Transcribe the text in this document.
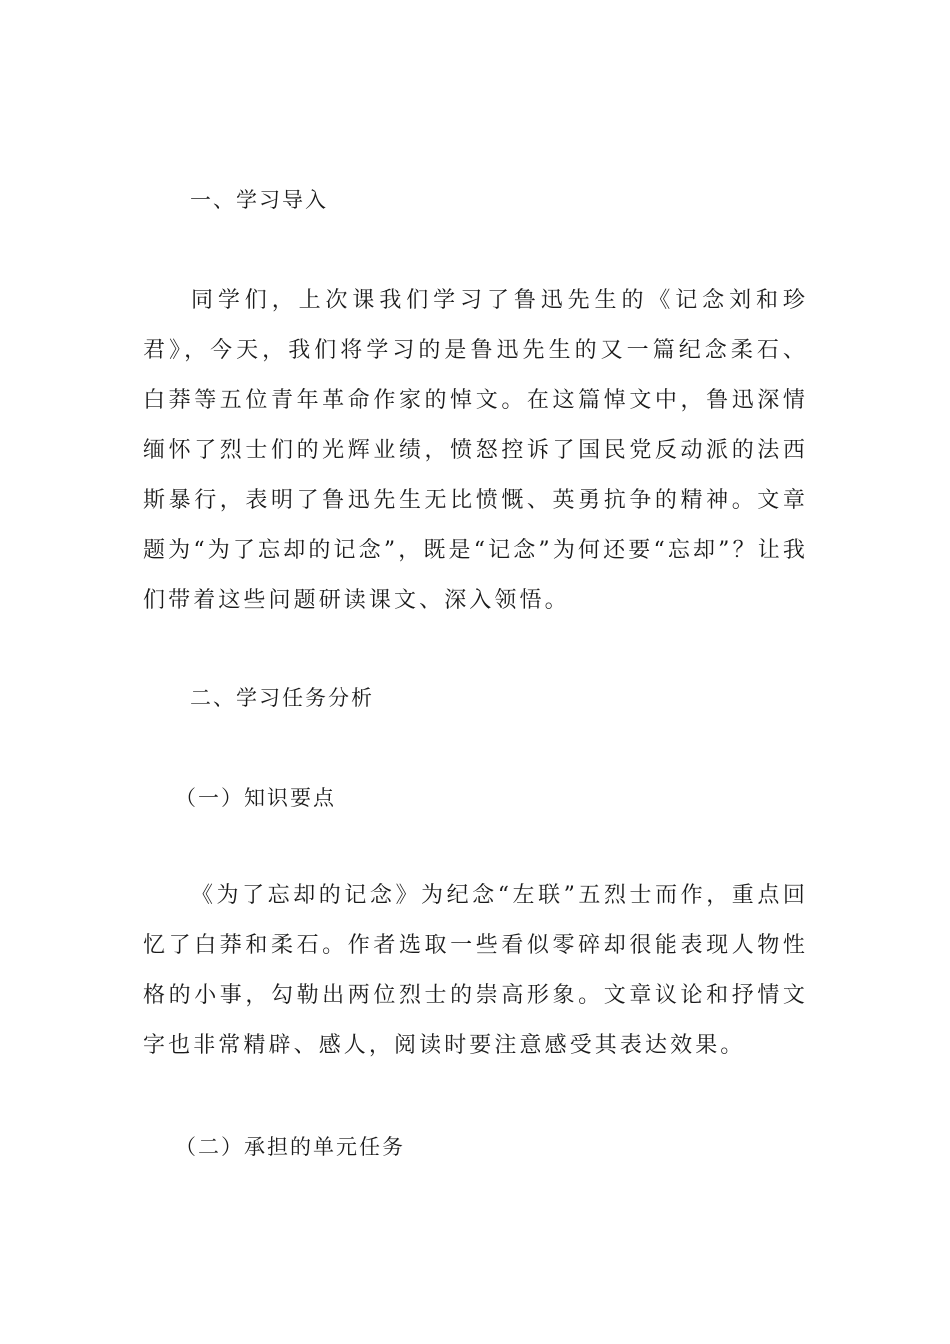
一、学习导入

同学们，上次课我们学习了鲁迅先生的《记念刘和珍君》，今天，我们将学习的是鲁迅先生的又一篇纪念柔石、白莽等五位青年革命作家的悼文。在这篇悼文中，鲁迅深情缅怀了烈士们的光辉业绩，愤怒控诉了国民党反动派的法西斯暴行，表明了鲁迅先生无比愤慨、英勇抗争的精神。文章题为“为了忘却的记念”，既是“记念”为何还要“忘却”？让我们带着这些问题研读课文、深入领悟。

二、学习任务分析
（一）知识要点

《为了忘却的记念》为纪念“左联”五烈士而作，重点回忆了白莽和柔石。作者选取一些看似零碎却很能表现人物性格的小事，勾勒出两位烈士的崇高形象。文章议论和抒情文字也非常精辟、感人，阅读时要注意感受其表达效果。

（二）承担的单元任务
